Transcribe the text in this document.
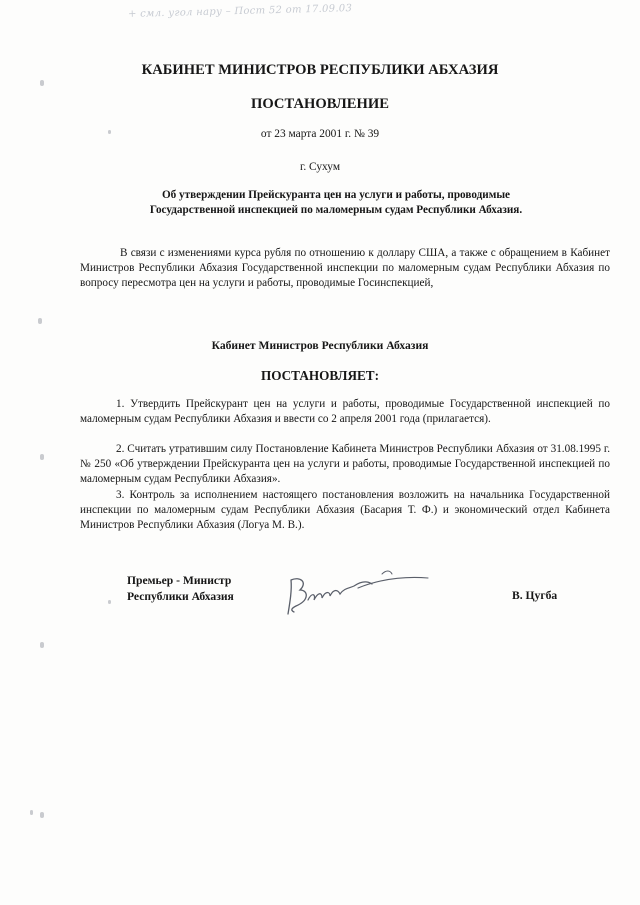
+ смл. угол нару – Пост 52 от 17.09.03
КАБИНЕТ МИНИСТРОВ РЕСПУБЛИКИ АБХАЗИЯ
ПОСТАНОВЛЕНИЕ
от 23 марта 2001 г. № 39
г. Сухум
Об утверждении Прейскуранта цен на услуги и работы, проводимые
Государственной инспекцией по маломерным судам Республики Абхазия.

В связи с изменениями курса рубля по отношению к доллару США, а также с обращением в Кабинет Министров Республики Абхазия Государственной инспекции по маломерным судам Республики Абхазия по вопросу пересмотра цен на услуги и работы, проводимые Госинспекцией,

Кабинет Министров Республики Абхазия
ПОСТАНОВЛЯЕТ:

1. Утвердить Прейскурант цен на услуги и работы, проводимые Государственной инспекцией по маломерным судам Республики Абхазия и ввести со 2 апреля 2001 года (прилагается).

2. Считать утратившим силу Постановление Кабинета Министров Республики Абхазия от 31.08.1995 г. № 250 «Об утверждении Прейскуранта цен на услуги и работы, проводимые Государственной инспекцией по маломерным судам Республики Абхазия».

3. Контроль за исполнением настоящего постановления возложить на начальника Государственной инспекции по маломерным судам Республики Абхазия (Басария Т. Ф.) и экономический отдел Кабинета Министров Республики Абхазия (Логуа М. В.).

Премьер - Министр
Республики Абхазия	В. Цугба
